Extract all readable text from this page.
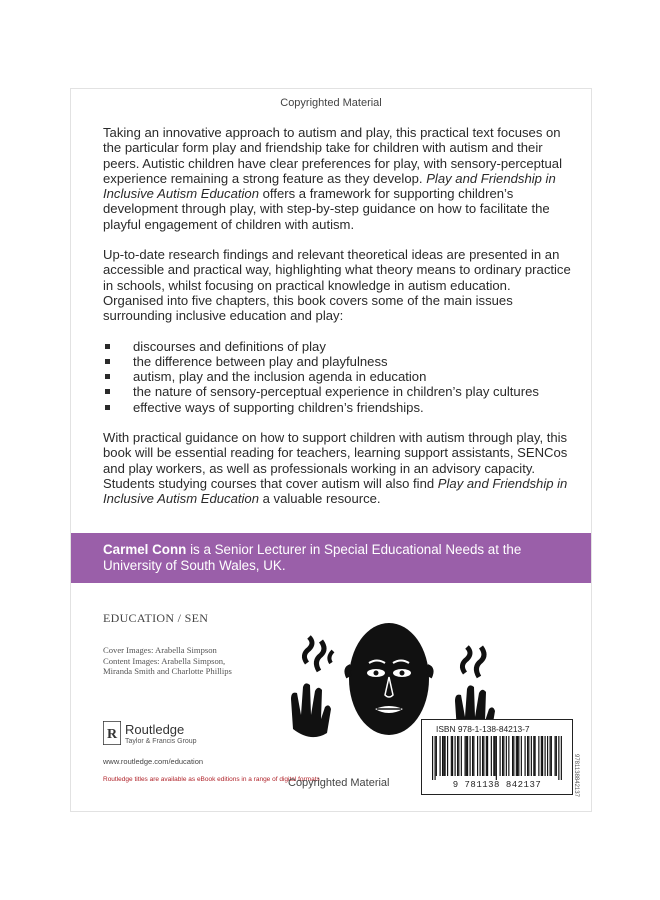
Copyrighted Material

Taking an innovative approach to autism and play, this practical text focuses on the particular form play and friendship take for children with autism and their peers. Autistic children have clear preferences for play, with sensory-perceptual experience remaining a strong feature as they develop. Play and Friendship in Inclusive Autism Education offers a framework for supporting children’s development through play, with step-by-step guidance on how to facilitate the playful engagement of children with autism.

Up-to-date research findings and relevant theoretical ideas are presented in an accessible and practical way, highlighting what theory means to ordinary practice in schools, whilst focusing on practical knowledge in autism education. Organised into five chapters, this book covers some of the main issues surrounding inclusive education and play:

discourses and definitions of play
the difference between play and playfulness
autism, play and the inclusion agenda in education
the nature of sensory-perceptual experience in children’s play cultures
effective ways of supporting children’s friendships.

With practical guidance on how to support children with autism through play, this book will be essential reading for teachers, learning support assistants, SENCos and play workers, as well as professionals working in an advisory capacity. Students studying courses that cover autism will also find Play and Friendship in Inclusive Autism Education a valuable resource.

Carmel Conn is a Senior Lecturer in Special Educational Needs at the University of South Wales, UK.
EDUCATION / SEN
Cover Images: Arabella Simpson
Content Images: Arabella Simpson,
Miranda Smith and Charlotte Phillips
R Routledge
Taylor & Francis Group
www.routledge.com/education
Routledge titles are available as eBook editions in a range of digital formats
Copyrighted Material
ISBN 978-1-138-84213-7
9 781138 842137	9781138842137
